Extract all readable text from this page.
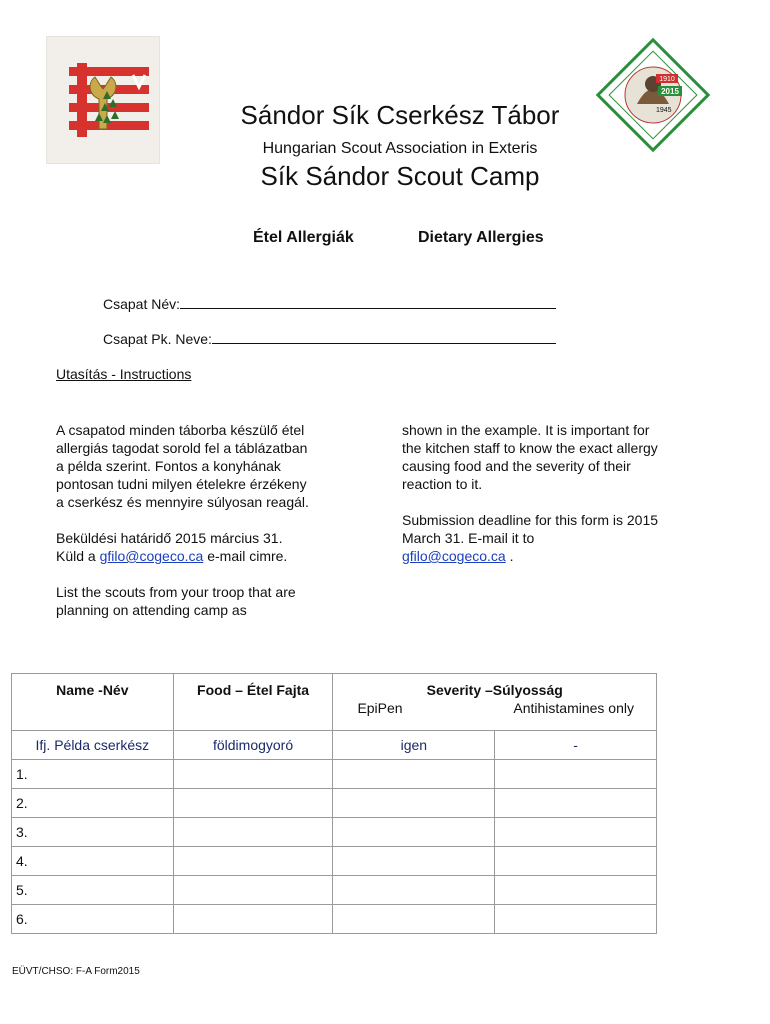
1910
2015
1945
Sándor Sík Cserkész Tábor
Hungarian Scout Association in Exteris
Sík Sándor Scout Camp
Étel Allergiák	Dietary Allergies
Csapat Név:
Csapat Pk. Neve:
Utasítás - Instructions

A csapatod minden táborba készülő étel allergiás tagodat sorold fel a táblázatban a példa szerint. Fontos a konyhának pontosan tudni milyen ételekre érzékeny a cserkész és mennyire súlyosan reagál.

Beküldési határidő 2015 március 31.
Küld a gfilo@cogeco.ca e-mail cimre.

List the scouts from your troop that are planning on attending camp as

shown in the example. It is important for the kitchen staff to know the exact allergy causing food and the severity of their reaction to it.

Submission deadline for this form is 2015 March 31. E-mail it to
gfilo@cogeco.ca .

Name -Név	Food – Étel Fajta	Severity –Súlyosság
EpiPen Antihistamines only	

Ifj. Példa cserkész	földimogyoró	igen	-
1.			
2.			
3.			
4.			
5.			
6.			
EÜVT/CHSO: F-A Form2015
